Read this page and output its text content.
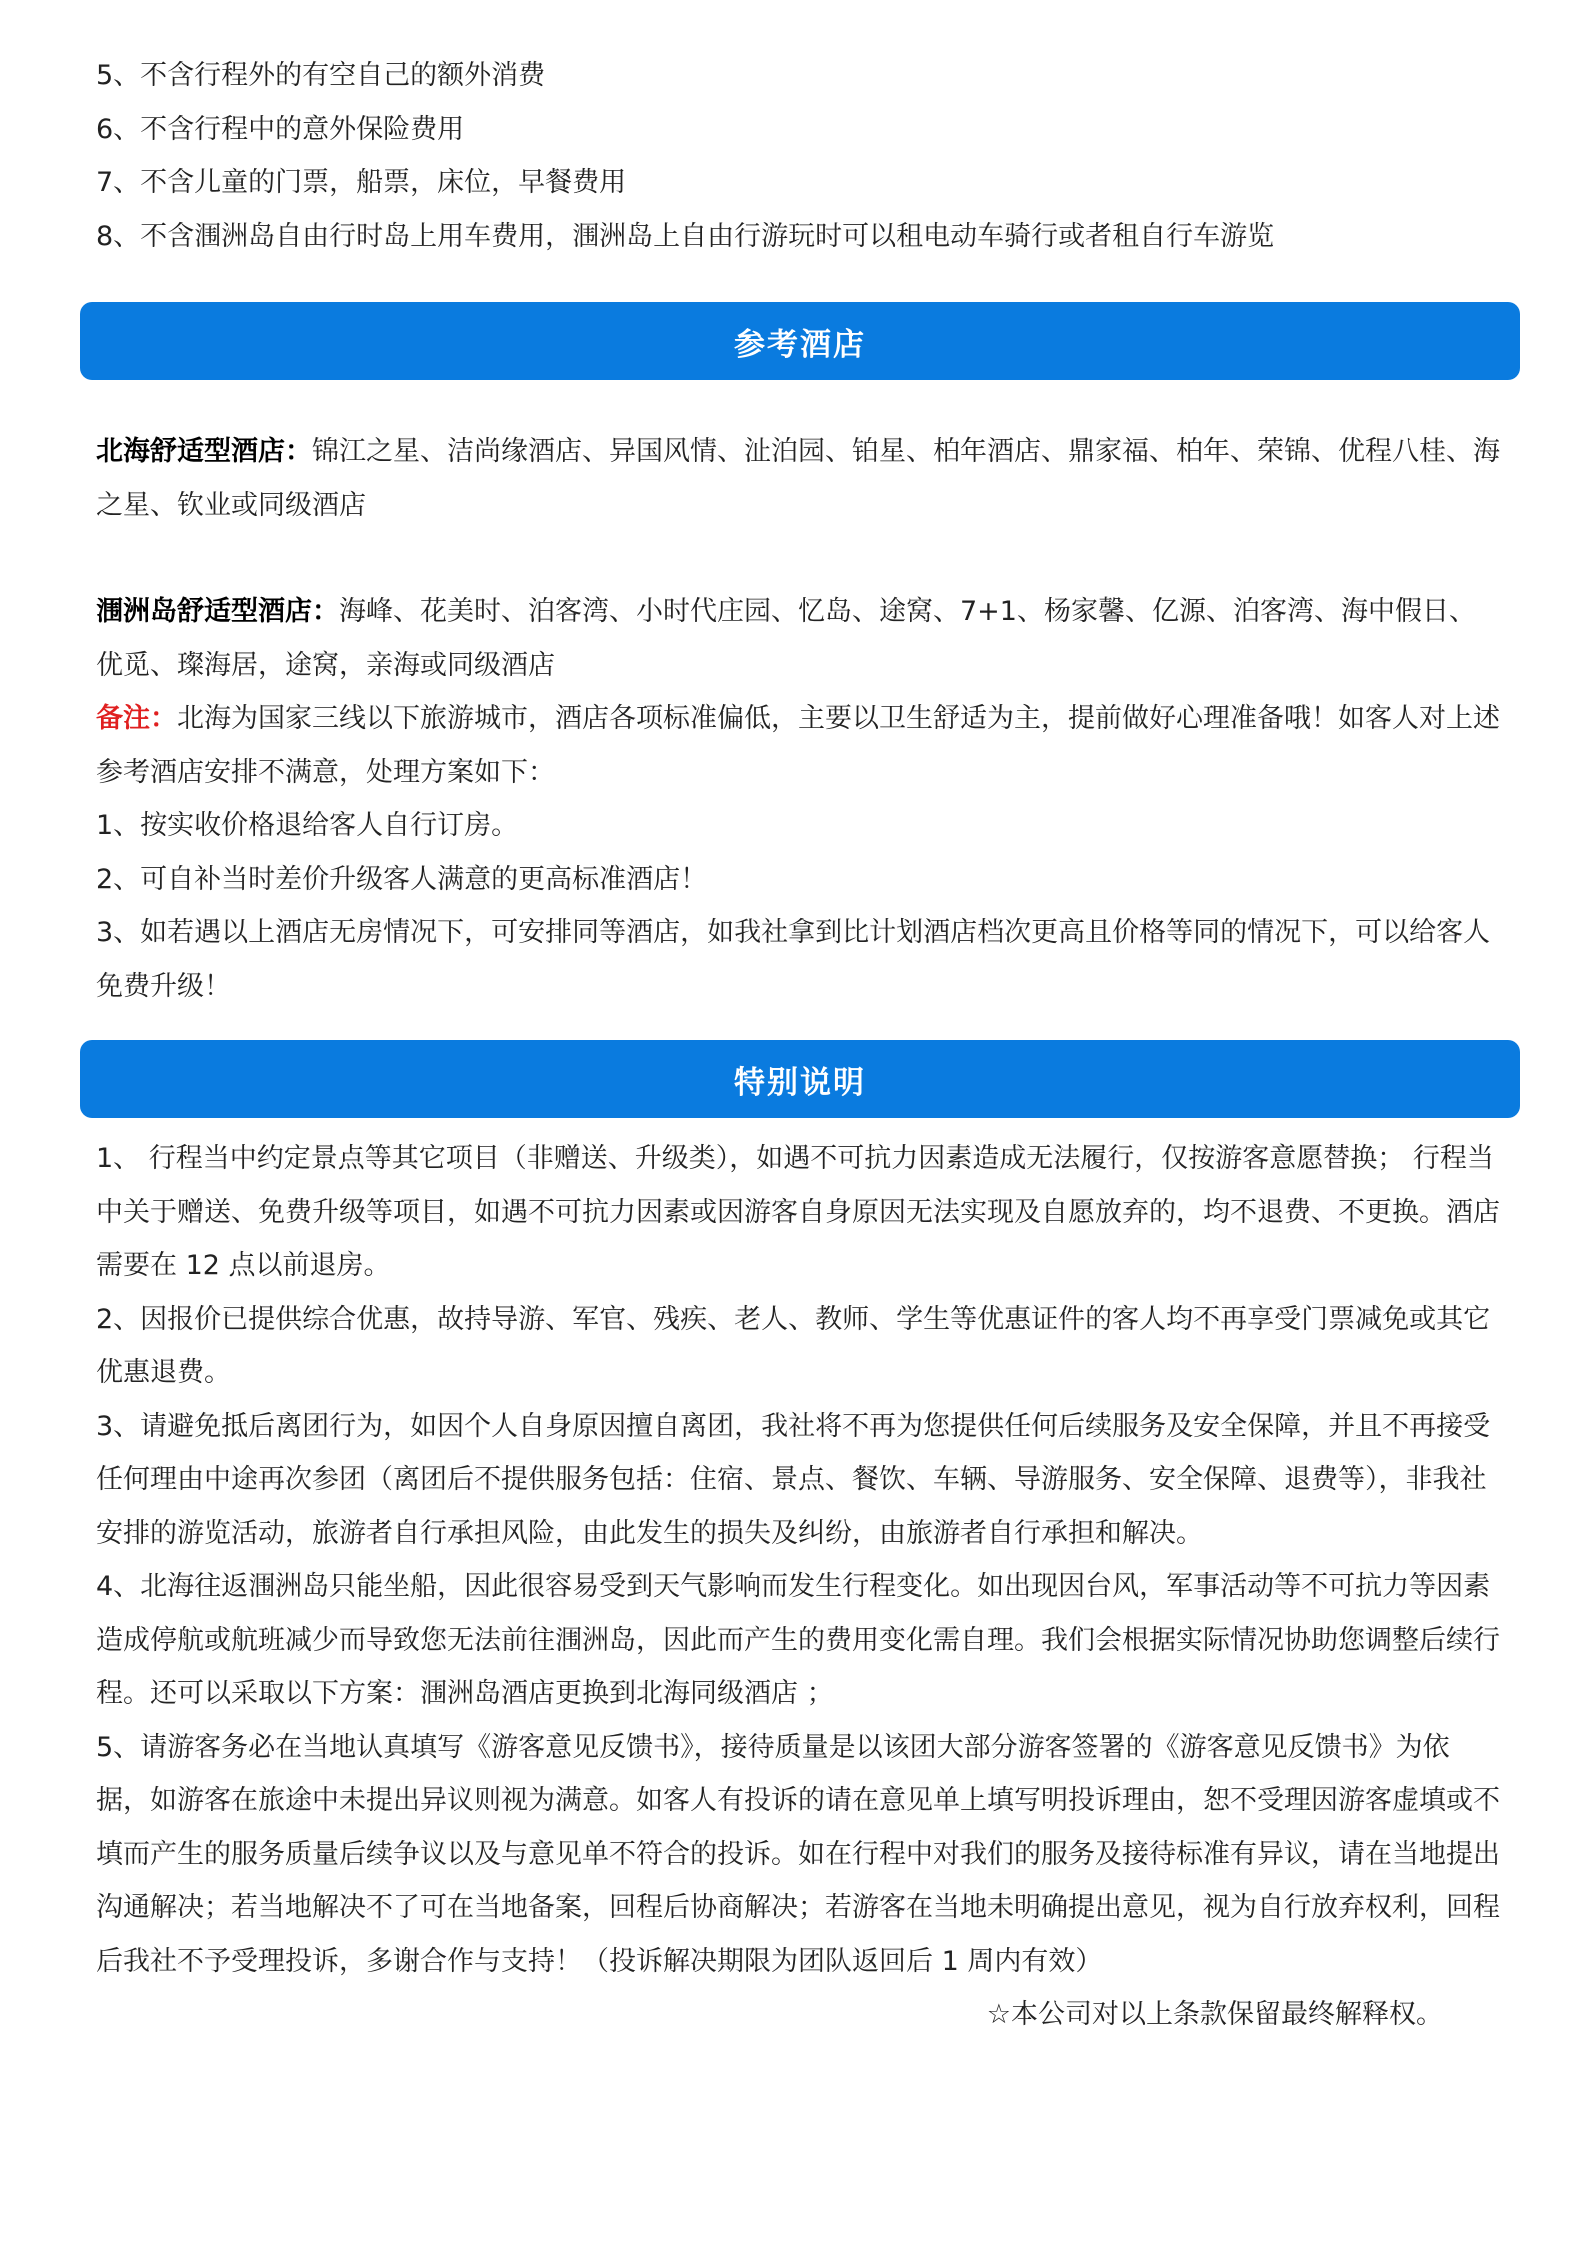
5、不含行程外的有空自己的额外消费

6、不含行程中的意外保险费用

7、不含儿童的门票，船票，床位，早餐费用

8、不含涠洲岛自由行时岛上用车费用，涠洲岛上自由行游玩时可以租电动车骑行或者租自行车游览

参考酒店

北海舒适型酒店：锦江之星、洁尚缘酒店、异国风情、沚泊园、铂星、柏年酒店、鼎家福、柏年、荣锦、优程八桂、海之星、钦业或同级酒店

涠洲岛舒适型酒店：海峰、花美时、泊客湾、小时代庄园、忆岛、途窝、7+1、杨家馨、亿源、泊客湾、海中假日、优觅、璨海居，途窝，亲海或同级酒店

备注：北海为国家三线以下旅游城市，酒店各项标准偏低，主要以卫生舒适为主，提前做好心理准备哦！如客人对上述参考酒店安排不满意，处理方案如下：

1、按实收价格退给客人自行订房。

2、可自补当时差价升级客人满意的更高标准酒店！

3、如若遇以上酒店无房情况下，可安排同等酒店，如我社拿到比计划酒店档次更高且价格等同的情况下，可以给客人免费升级！

特别说明

1、 行程当中约定景点等其它项目（非赠送、升级类），如遇不可抗力因素造成无法履行，仅按游客意愿替换； 行程当中关于赠送、免费升级等项目，如遇不可抗力因素或因游客自身原因无法实现及自愿放弃的，均不退费、不更换。酒店需要在 12 点以前退房。

2、因报价已提供综合优惠，故持导游、军官、残疾、老人、教师、学生等优惠证件的客人均不再享受门票减免或其它优惠退费。

3、请避免抵后离团行为，如因个人自身原因擅自离团，我社将不再为您提供任何后续服务及安全保障，并且不再接受任何理由中途再次参团（离团后不提供服务包括：住宿、景点、餐饮、车辆、导游服务、安全保障、退费等），非我社安排的游览活动，旅游者自行承担风险，由此发生的损失及纠纷，由旅游者自行承担和解决。

4、北海往返涠洲岛只能坐船，因此很容易受到天气影响而发生行程变化。如出现因台风，军事活动等不可抗力等因素造成停航或航班减少而导致您无法前往涠洲岛，因此而产生的费用变化需自理。我们会根据实际情况协助您调整后续行程。还可以采取以下方案：涠洲岛酒店更换到北海同级酒店 ；

5、请游客务必在当地认真填写《游客意见反馈书》，接待质量是以该团大部分游客签署的《游客意见反馈书》为依据，如游客在旅途中未提出异议则视为满意。如客人有投诉的请在意见单上填写明投诉理由，恕不受理因游客虚填或不填而产生的服务质量后续争议以及与意见单不符合的投诉。如在行程中对我们的服务及接待标准有异议，请在当地提出沟通解决；若当地解决不了可在当地备案，回程后协商解决；若游客在当地未明确提出意见，视为自行放弃权利，回程后我社不予受理投诉，多谢合作与支持！（投诉解决期限为团队返回后 1 周内有效）

☆本公司对以上条款保留最终解释权。
